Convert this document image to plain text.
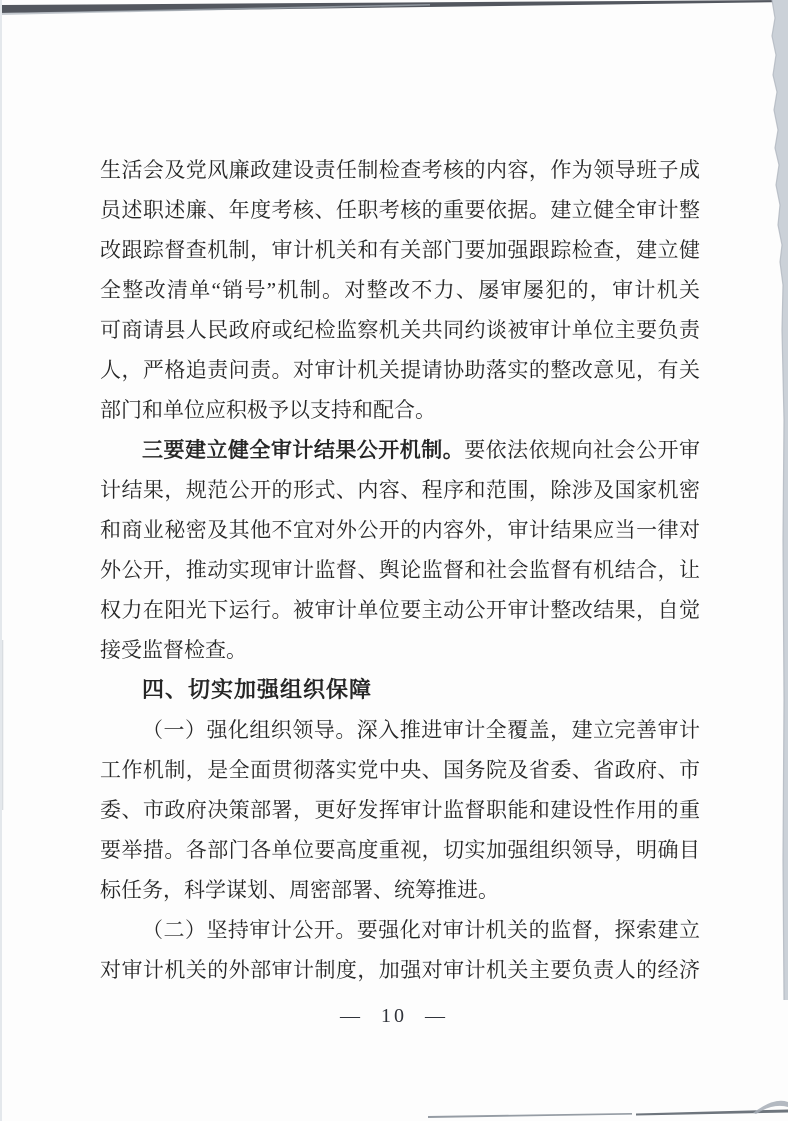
生活会及党风廉政建设责任制检查考核的内容，作为领导班子成
员述职述廉、年度考核、任职考核的重要依据。建立健全审计整
改跟踪督查机制，审计机关和有关部门要加强跟踪检查，建立健
全整改清单“销号”机制。对整改不力、屡审屡犯的，审计机关
可商请县人民政府或纪检监察机关共同约谈被审计单位主要负责
人，严格追责问责。对审计机关提请协助落实的整改意见，有关
部门和单位应积极予以支持和配合。
三要建立健全审计结果公开机制。要依法依规向社会公开审
计结果，规范公开的形式、内容、程序和范围，除涉及国家机密
和商业秘密及其他不宜对外公开的内容外，审计结果应当一律对
外公开，推动实现审计监督、舆论监督和社会监督有机结合，让
权力在阳光下运行。被审计单位要主动公开审计整改结果，自觉
接受监督检查。
四、切实加强组织保障
（一）强化组织领导。深入推进审计全覆盖，建立完善审计
工作机制，是全面贯彻落实党中央、国务院及省委、省政府、市
委、市政府决策部署，更好发挥审计监督职能和建设性作用的重
要举措。各部门各单位要高度重视，切实加强组织领导，明确目
标任务，科学谋划、周密部署、统筹推进。
（二）坚持审计公开。要强化对审计机关的监督，探索建立
对审计机关的外部审计制度，加强对审计机关主要负责人的经济
— 10 —
